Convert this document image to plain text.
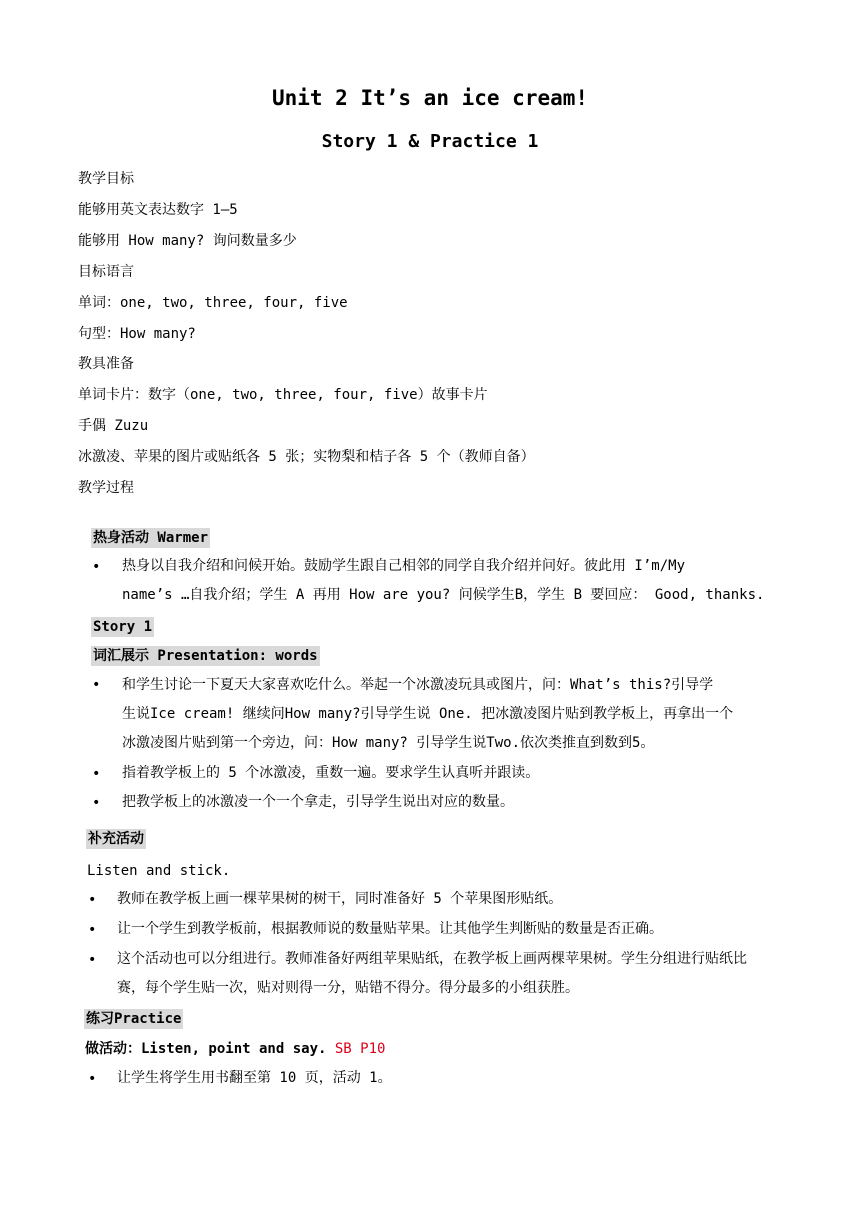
Unit 2 It’s an ice cream!
Story 1 & Practice 1
教学目标
能够用英文表达数字 1—5
能够用 How many? 询问数量多少
目标语言
单词：one, two, three, four, five
句型：How many?
教具准备
单词卡片：数字（one, two, three, four, five）故事卡片
手偶 Zuzu
冰激凌、苹果的图片或贴纸各 5 张；实物梨和桔子各 5 个（教师自备）
教学过程
热身活动 Warmer
• 热身以自我介绍和问候开始。鼓励学生跟自己相邻的同学自我介绍并问好。彼此用 I’m/My
name’s …自我介绍；学生 A 再用 How are you? 问候学生B，学生 B 要回应： Good, thanks.
Story 1
词汇展示 Presentation: words
• 和学生讨论一下夏天大家喜欢吃什么。举起一个冰激凌玩具或图片，问：What’s this?引导学
生说Ice cream! 继续问How many?引导学生说 One. 把冰激凌图片贴到教学板上，再拿出一个
冰激凌图片贴到第一个旁边，问：How many? 引导学生说Two.依次类推直到数到5。
• 指着教学板上的 5 个冰激凌，重数一遍。要求学生认真听并跟读。
• 把教学板上的冰激凌一个一个拿走，引导学生说出对应的数量。
补充活动
Listen and stick.
• 教师在教学板上画一棵苹果树的树干，同时准备好 5 个苹果图形贴纸。
• 让一个学生到教学板前，根据教师说的数量贴苹果。让其他学生判断贴的数量是否正确。
• 这个活动也可以分组进行。教师准备好两组苹果贴纸，在教学板上画两棵苹果树。学生分组进行贴纸比
赛，每个学生贴一次，贴对则得一分，贴错不得分。得分最多的小组获胜。
练习Practice
做活动：Listen, point and say. SB P10
• 让学生将学生用书翻至第 10 页，活动 1。
